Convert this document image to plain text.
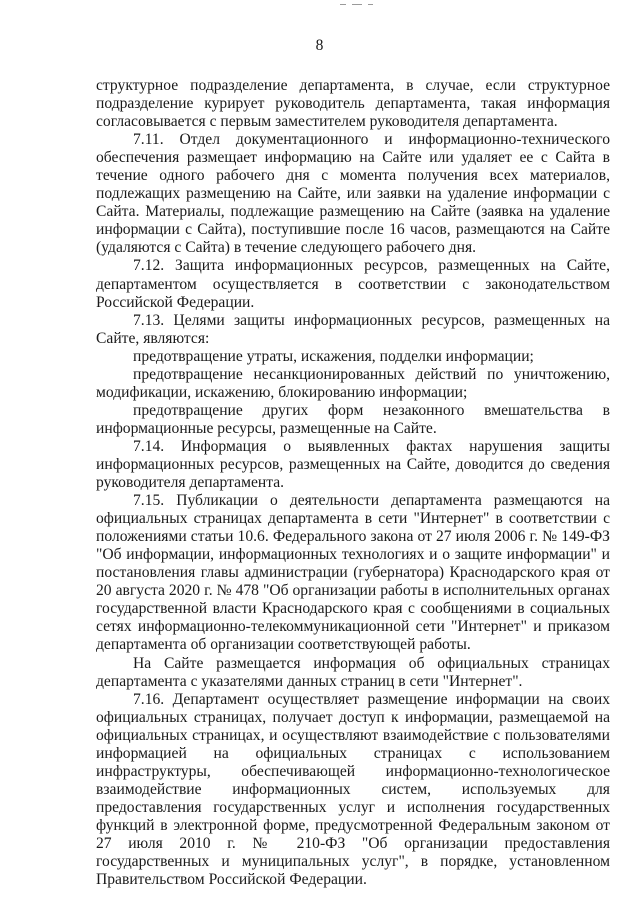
8

структурное подразделение департамента, в случае, если структурное подразделение курирует руководитель департамента, такая информация согласовывается с первым заместителем руководителя департамента.

7.11. Отдел документационного и информационно-технического обеспечения размещает информацию на Сайте или удаляет ее с Сайта в течение одного рабочего дня с момента получения всех материалов, подлежащих размещению на Сайте, или заявки на удаление информации с Сайта. Материалы, подлежащие размещению на Сайте (заявка на удаление информации с Сайта), поступившие после 16 часов, размещаются на Сайте (удаляются с Сайта) в течение следующего рабочего дня.

7.12. Защита информационных ресурсов, размещенных на Сайте, департаментом осуществляется в соответствии с законодательством Российской Федерации.

7.13. Целями защиты информационных ресурсов, размещенных на Сайте, являются:

предотвращение утраты, искажения, подделки информации;

предотвращение несанкционированных действий по уничтожению, модификации, искажению, блокированию информации;

предотвращение других форм незаконного вмешательства в информационные ресурсы, размещенные на Сайте.

7.14. Информация о выявленных фактах нарушения защиты информационных ресурсов, размещенных на Сайте, доводится до сведения руководителя департамента.

7.15. Публикации о деятельности департамента размещаются на официальных страницах департамента в сети "Интернет" в соответствии с положениями статьи 10.6. Федерального закона от 27 июля 2006 г. № 149-ФЗ "Об информации, информационных технологиях и о защите информации" и постановления главы администрации (губернатора) Краснодарского края от 20 августа 2020 г. № 478 "Об организации работы в исполнительных органах государственной власти Краснодарского края с сообщениями в социальных сетях информационно-телекоммуникационной сети "Интернет" и приказом департамента об организации соответствующей работы.

На Сайте размещается информация об официальных страницах департамента с указателями данных страниц в сети "Интернет".

7.16. Департамент осуществляет размещение информации на своих официальных страницах, получает доступ к информации, размещаемой на официальных страницах, и осуществляют взаимодействие с пользователями информацией на официальных страницах с использованием инфраструктуры, обеспечивающей информационно-технологическое взаимодействие информационных систем, используемых для предоставления государственных услуг и исполнения государственных функций в электронной форме, предусмотренной Федеральным законом от 27 июля 2010 г. № 210-ФЗ "Об организации предоставления государственных и муниципальных услуг", в порядке, установленном Правительством Российской Федерации.
